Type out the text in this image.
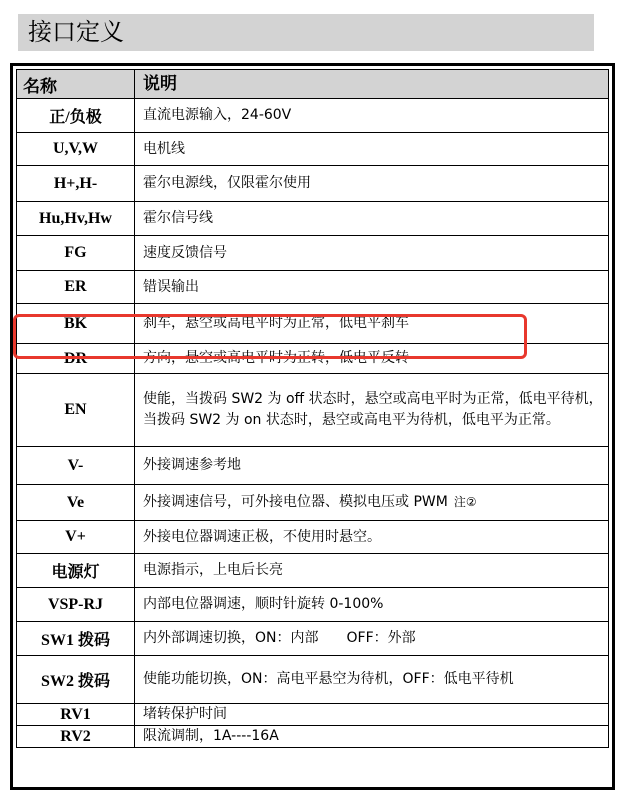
接口定义
名称	说明
正/负极	直流电源输入，24-60V
U,V,W	电机线
H+,H-	霍尔电源线，仅限霍尔使用
Hu,Hv,Hw	霍尔信号线
FG	速度反馈信号
ER	错误输出
BK	刹车，悬空或高电平时为正常，低电平刹车
DR	方向，悬空或高电平时为正转，低电平反转
EN	使能，当拨码 SW2 为 off 状态时，悬空或高电平时为正常，低电平待机，当拨码 SW2 为 on 状态时，悬空或高电平为待机，低电平为正常。
V-	外接调速参考地
Ve	外接调速信号，可外接电位器、模拟电压或 PWM 注②
V+	外接电位器调速正极，不使用时悬空。
电源灯	电源指示，上电后长亮
VSP-RJ	内部电位器调速，顺时针旋转 0-100%
SW1 拨码	内外部调速切换，ON：内部　　OFF：外部
SW2 拨码	使能功能切换，ON：高电平悬空为待机，OFF：低电平待机
RV1	堵转保护时间
RV2	限流调制，1A----16A
